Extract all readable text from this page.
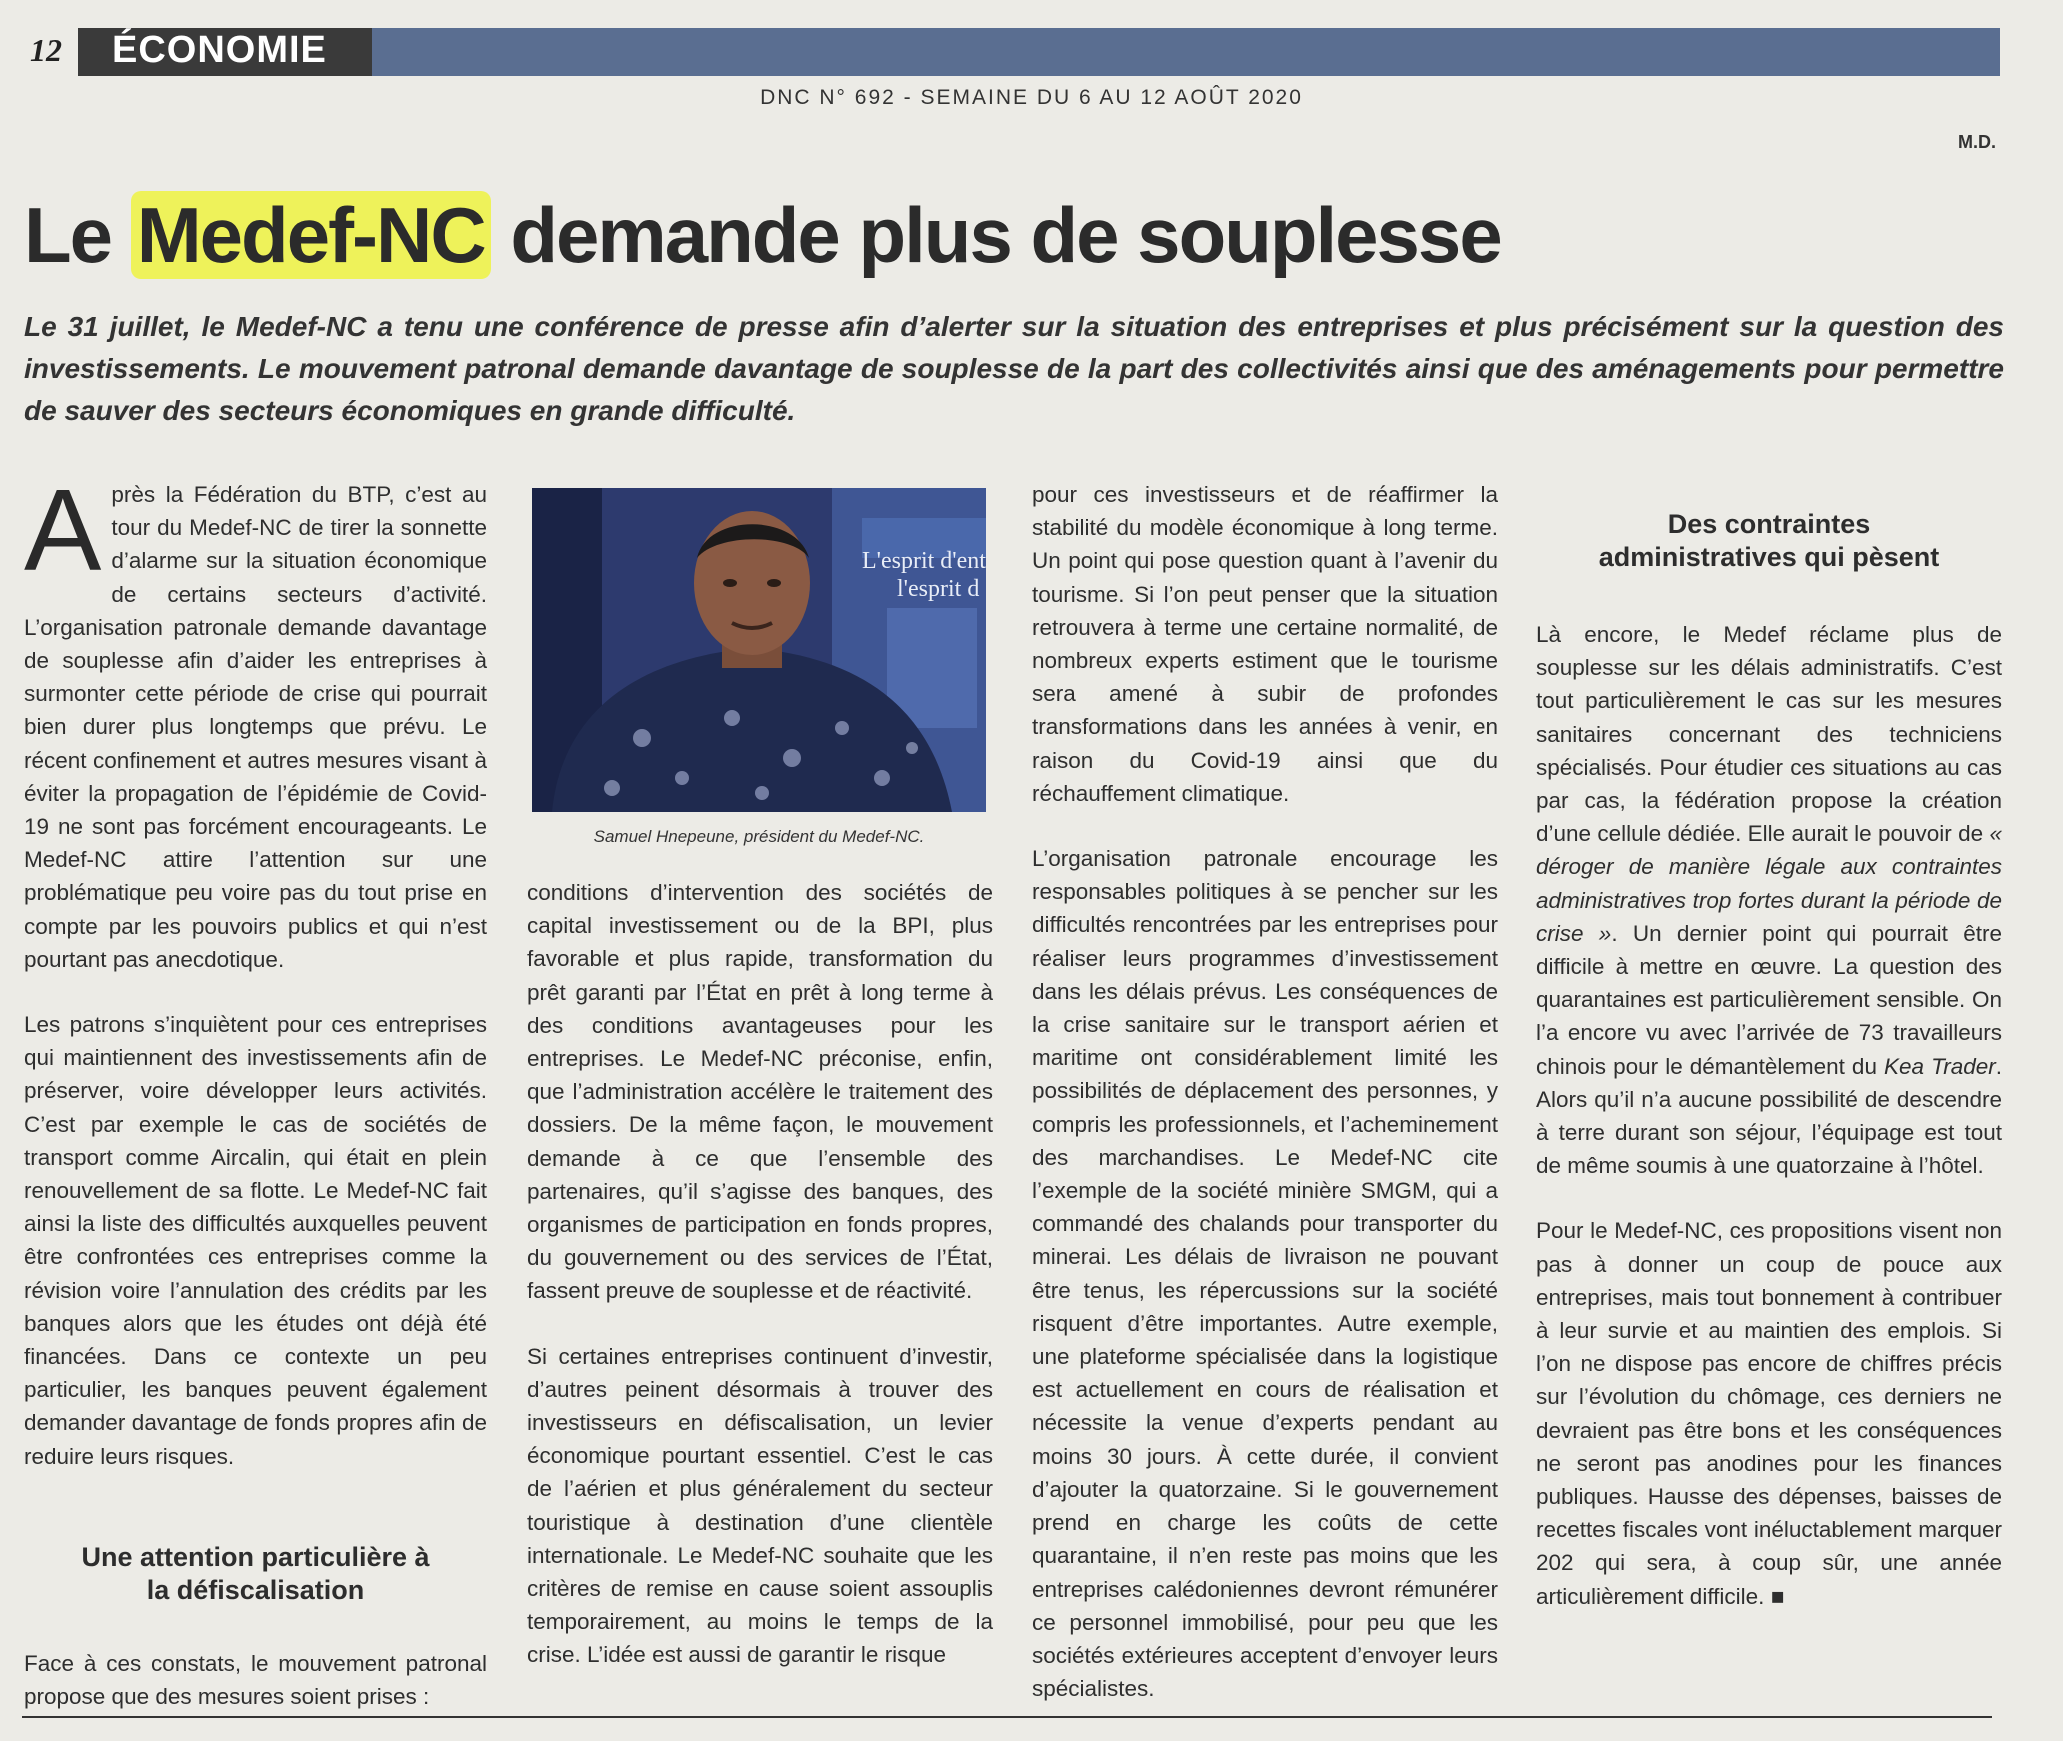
12 ÉCONOMIE
DNC N° 692 - SEMAINE DU 6 AU 12 AOÛT 2020
M.D.
Le Medef-NC demande plus de souplesse

Le 31 juillet, le Medef-NC a tenu une conférence de presse afin d’alerter sur la situation des entreprises et plus précisément sur la question des investissements. Le mouvement patronal demande davantage de souplesse de la part des collectivités ainsi que des aménagements pour permettre de sauver des secteurs économiques en grande difficulté.

Après la Fédération du BTP, c’est au tour du Medef-NC de tirer la sonnette d’alarme sur la situation économique de certains secteurs d’activité. L’organisation patronale demande davantage de souplesse afin d’aider les entreprises à surmonter cette période de crise qui pourrait bien durer plus longtemps que prévu. Le récent confinement et autres mesures visant à éviter la propagation de l’épidémie de Covid-19 ne sont pas forcément encourageants. Le Medef-NC attire l’attention sur une problématique peu voire pas du tout prise en compte par les pouvoirs publics et qui n’est pourtant pas anecdotique.

Les patrons s’inquiètent pour ces entreprises qui maintiennent des investissements afin de préserver, voire développer leurs activités. C’est par exemple le cas de sociétés de transport comme Aircalin, qui était en plein renouvellement de sa flotte. Le Medef-NC fait ainsi la liste des difficultés auxquelles peuvent être confrontées ces entreprises comme la révision voire l’annulation des crédits par les banques alors que les études ont déjà été financées. Dans ce contexte un peu particulier, les banques peuvent également demander davantage de fonds propres afin de reduire leurs risques.

Une attention particulière à la défiscalisation

Face à ces constats, le mouvement patronal propose que des mesures soient prises :

L'esprit d'ent
l'esprit d
Samuel Hnepeune, président du Medef-NC.

conditions d’intervention des sociétés de capital investissement ou de la BPI, plus favorable et plus rapide, transformation du prêt garanti par l’État en prêt à long terme à des conditions avantageuses pour les entreprises. Le Medef-NC préconise, enfin, que l’administration accélère le traitement des dossiers. De la même façon, le mouvement demande à ce que l’ensemble des partenaires, qu’il s’agisse des banques, des organismes de participation en fonds propres, du gouvernement ou des services de l’État, fassent preuve de souplesse et de réactivité.

Si certaines entreprises continuent d’investir, d’autres peinent désormais à trouver des investisseurs en défiscalisation, un levier économique pourtant essentiel. C’est le cas de l’aérien et plus généralement du secteur touristique à destination d’une clientèle internationale. Le Medef-NC souhaite que les critères de remise en cause soient assouplis temporairement, au moins le temps de la crise. L’idée est aussi de garantir le risque

pour ces investisseurs et de réaffirmer la stabilité du modèle économique à long terme. Un point qui pose question quant à l’avenir du tourisme. Si l’on peut penser que la situation retrouvera à terme une certaine normalité, de nombreux experts estiment que le tourisme sera amené à subir de profondes transformations dans les années à venir, en raison du Covid-19 ainsi que du réchauffement climatique.

L’organisation patronale encourage les responsables politiques à se pencher sur les difficultés rencontrées par les entreprises pour réaliser leurs programmes d’investissement dans les délais prévus. Les conséquences de la crise sanitaire sur le transport aérien et maritime ont considérablement limité les possibilités de déplacement des personnes, y compris les professionnels, et l’acheminement des marchandises. Le Medef-NC cite l’exemple de la société minière SMGM, qui a commandé des chalands pour transporter du minerai. Les délais de livraison ne pouvant être tenus, les répercussions sur la société risquent d’être importantes. Autre exemple, une plateforme spécialisée dans la logistique est actuellement en cours de réalisation et nécessite la venue d’experts pendant au moins 30 jours. À cette durée, il convient d’ajouter la quatorzaine. Si le gouvernement prend en charge les coûts de cette quarantaine, il n’en reste pas moins que les entreprises calédoniennes devront rémunérer ce personnel immobilisé, pour peu que les sociétés extérieures acceptent d’envoyer leurs spécialistes.

Des contraintes administratives qui pèsent

Là encore, le Medef réclame plus de souplesse sur les délais administratifs. C’est tout particulièrement le cas sur les mesures sanitaires concernant des techniciens spécialisés. Pour étudier ces situations au cas par cas, la fédération propose la création d’une cellule dédiée. Elle aurait le pouvoir de « déroger de manière légale aux contraintes administratives trop fortes durant la période de crise ». Un dernier point qui pourrait être difficile à mettre en œuvre. La question des quarantaines est particulièrement sensible. On l’a encore vu avec l’arrivée de 73 travailleurs chinois pour le démantèlement du Kea Trader. Alors qu’il n’a aucune possibilité de descendre à terre durant son séjour, l’équipage est tout de même soumis à une quatorzaine à l’hôtel.

Pour le Medef-NC, ces propositions visent non pas à donner un coup de pouce aux entreprises, mais tout bonnement à contribuer à leur survie et au maintien des emplois. Si l’on ne dispose pas encore de chiffres précis sur l’évolution du chômage, ces derniers ne devraient pas être bons et les conséquences ne seront pas anodines pour les finances publiques. Hausse des dépenses, baisses de recettes fiscales vont inéluctablement marquer 202 qui sera, à coup sûr, une année articulièrement difficile. ■
